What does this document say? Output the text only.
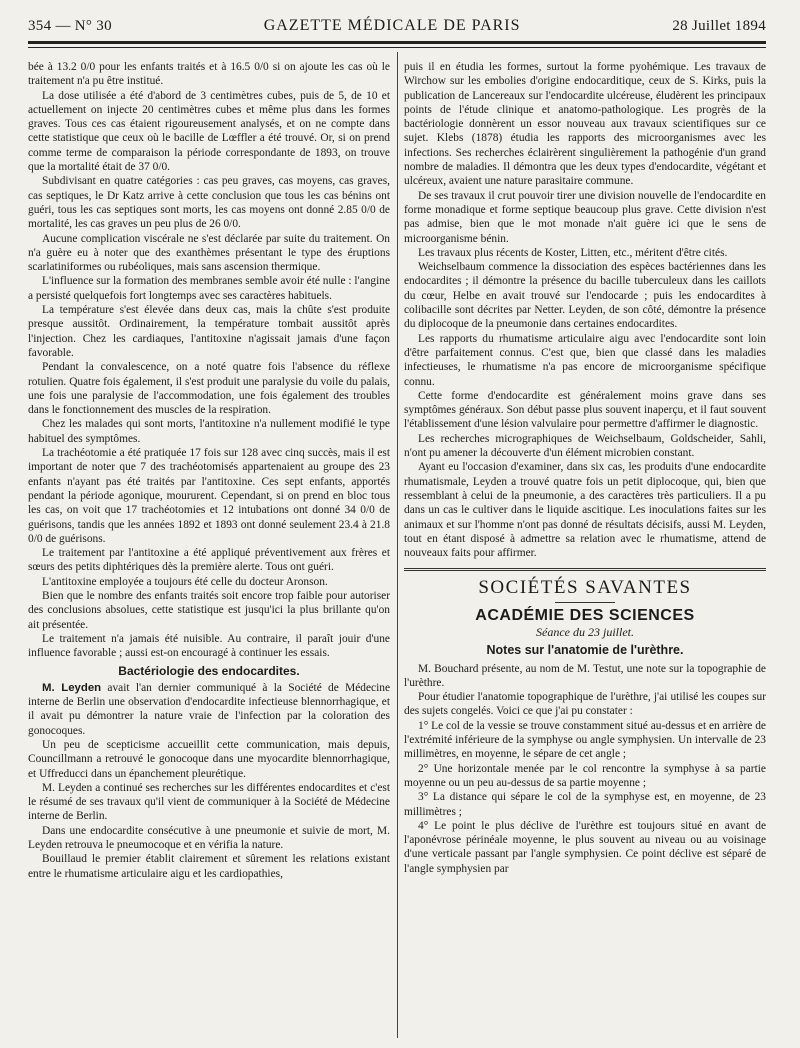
354 — N° 30	GAZETTE MÉDICALE DE PARIS	28 Juillet 1894

bée à 13.2 0/0 pour les enfants traités et à 16.5 0/0 si on ajoute les cas où le traitement n'a pu être institué.

La dose utilisée a été d'abord de 3 centimètres cubes, puis de 5, de 10 et actuellement on injecte 20 centimètres cubes et même plus dans les formes graves. Tous ces cas étaient rigoureusement analysés, et on ne compte dans cette statistique que ceux où le bacille de Lœffler a été trouvé. Or, si on prend comme terme de comparaison la période correspondante de 1893, on trouve que la mortalité était de 37 0/0.

Subdivisant en quatre catégories : cas peu graves, cas moyens, cas graves, cas septiques, le Dr Katz arrive à cette conclusion que tous les cas bénins ont guéri, tous les cas septiques sont morts, les cas moyens ont donné 2.85 0/0 de mortalité, les cas graves un peu plus de 26 0/0.

Aucune complication viscérale ne s'est déclarée par suite du traitement. On n'a guère eu à noter que des exanthèmes présentant le type des éruptions scarlatiniformes ou rubéoliques, mais sans ascension thermique.

L'influence sur la formation des membranes semble avoir été nulle : l'angine a persisté quelquefois fort longtemps avec ses caractères habituels.

La température s'est élevée dans deux cas, mais la chûte s'est produite presque aussitôt. Ordinairement, la température tombait aussitôt après l'injection. Chez les cardiaques, l'antitoxine n'agissait jamais d'une façon favorable.

Pendant la convalescence, on a noté quatre fois l'absence du réflexe rotulien. Quatre fois également, il s'est produit une paralysie du voile du palais, une fois une paralysie de l'accommodation, une fois également des troubles dans le fonctionnement des muscles de la respiration.

Chez les malades qui sont morts, l'antitoxine n'a nullement modifié le type habituel des symptômes.

La trachéotomie a été pratiquée 17 fois sur 128 avec cinq succès, mais il est important de noter que 7 des trachéotomisés appartenaient au groupe des 23 enfants n'ayant pas été traités par l'antitoxine. Ces sept enfants, apportés pendant la période agonique, moururent. Cependant, si on prend en bloc tous les cas, on voit que 17 trachéotomies et 12 intubations ont donné 34 0/0 de guérisons, tandis que les années 1892 et 1893 ont donné seulement 23.4 à 21.8 0/0 de guérisons.

Le traitement par l'antitoxine a été appliqué préventivement aux frères et sœurs des petits diphtériques dès la première alerte. Tous ont guéri.

L'antitoxine employée a toujours été celle du docteur Aronson.

Bien que le nombre des enfants traités soit encore trop faible pour autoriser des conclusions absolues, cette statistique est jusqu'ici la plus brillante qu'on ait présentée.

Le traitement n'a jamais été nuisible. Au contraire, il paraît jouir d'une influence favorable ; aussi est-on encouragé à continuer les essais.

Bactériologie des endocardites.

M. Leyden avait l'an dernier communiqué à la Société de Médecine interne de Berlin une observation d'endocardite infectieuse blennorrhagique, et il avait pu démontrer la nature vraie de l'infection par la coloration des gonocoques.

Un peu de scepticisme accueillit cette communication, mais depuis, Councillmann a retrouvé le gonocoque dans une myocardite blennorrhagique, et Uffreducci dans un épanchement pleurétique.

M. Leyden a continué ses recherches sur les différentes endocardites et c'est le résumé de ses travaux qu'il vient de communiquer à la Société de Médecine interne de Berlin.

Dans une endocardite consécutive à une pneumonie et suivie de mort, M. Leyden retrouva le pneumocoque et en vérifia la nature.

Bouillaud le premier établit clairement et sûrement les relations existant entre le rhumatisme articulaire aigu et les cardiopathies,

puis il en étudia les formes, surtout la forme pyohémique. Les travaux de Wirchow sur les embolies d'origine endocarditique, ceux de S. Kirks, puis la publication de Lancereaux sur l'endocardite ulcéreuse, éludèrent les principaux points de l'étude clinique et anatomo-pathologique. Les progrès de la bactériologie donnèrent un essor nouveau aux travaux scientifiques sur ce sujet. Klebs (1878) étudia les rapports des microorganismes avec les infections. Ses recherches éclairèrent singulièrement la pathogénie d'un grand nombre de maladies. Il démontra que les deux types d'endocardite, végétant et ulcéreux, avaient une nature parasitaire commune.

De ses travaux il crut pouvoir tirer une division nouvelle de l'endocardite en forme monadique et forme septique beaucoup plus grave. Cette division n'est pas admise, bien que le mot monade n'ait guère ici que le sens de microorganisme bénin.

Les travaux plus récents de Koster, Litten, etc., méritent d'être cités.

Weichselbaum commence la dissociation des espèces bactériennes dans les endocardites ; il démontre la présence du bacille tuberculeux dans les caillots du cœur, Helbe en avait trouvé sur l'endocarde ; puis les endocardites à colibacille sont décrites par Netter. Leyden, de son côté, démontre la présence du diplocoque de la pneumonie dans certaines endocardites.

Les rapports du rhumatisme articulaire aigu avec l'endocardite sont loin d'être parfaitement connus. C'est que, bien que classé dans les maladies infectieuses, le rhumatisme n'a pas encore de microorganisme spécifique connu.

Cette forme d'endocardite est généralement moins grave dans ses symptômes généraux. Son début passe plus souvent inaperçu, et il faut souvent l'établissement d'une lésion valvulaire pour permettre d'affirmer le diagnostic.

Les recherches micrographiques de Weichselbaum, Goldscheider, Sahli, n'ont pu amener la découverte d'un élément microbien constant.

Ayant eu l'occasion d'examiner, dans six cas, les produits d'une endocardite rhumatismale, Leyden a trouvé quatre fois un petit diplocoque, qui, bien que ressemblant à celui de la pneumonie, a des caractères très particuliers. Il a pu dans un cas le cultiver dans le liquide ascitique. Les inoculations faites sur les animaux et sur l'homme n'ont pas donné de résultats décisifs, aussi M. Leyden, tout en étant disposé à admettre sa relation avec le rhumatisme, attend de nouveaux faits pour affirmer.

SOCIÉTÉS SAVANTES
ACADÉMIE DES SCIENCES
Séance du 23 juillet.
Notes sur l'anatomie de l'urèthre.

M. Bouchard présente, au nom de M. Testut, une note sur la topographie de l'urèthre.

Pour étudier l'anatomie topographique de l'urèthre, j'ai utilisé les coupes sur des sujets congelés. Voici ce que j'ai pu constater :

1° Le col de la vessie se trouve constamment situé au-dessus et en arrière de l'extrémité inférieure de la symphyse ou angle symphysien. Un intervalle de 23 millimètres, en moyenne, le sépare de cet angle ;

2° Une horizontale menée par le col rencontre la symphyse à sa partie moyenne ou un peu au-dessus de sa partie moyenne ;

3° La distance qui sépare le col de la symphyse est, en moyenne, de 23 millimètres ;

4° Le point le plus déclive de l'urèthre est toujours situé en avant de l'aponévrose périnéale moyenne, le plus souvent au niveau ou au voisinage d'une verticale passant par l'angle symphysien. Ce point déclive est séparé de l'angle symphysien par
